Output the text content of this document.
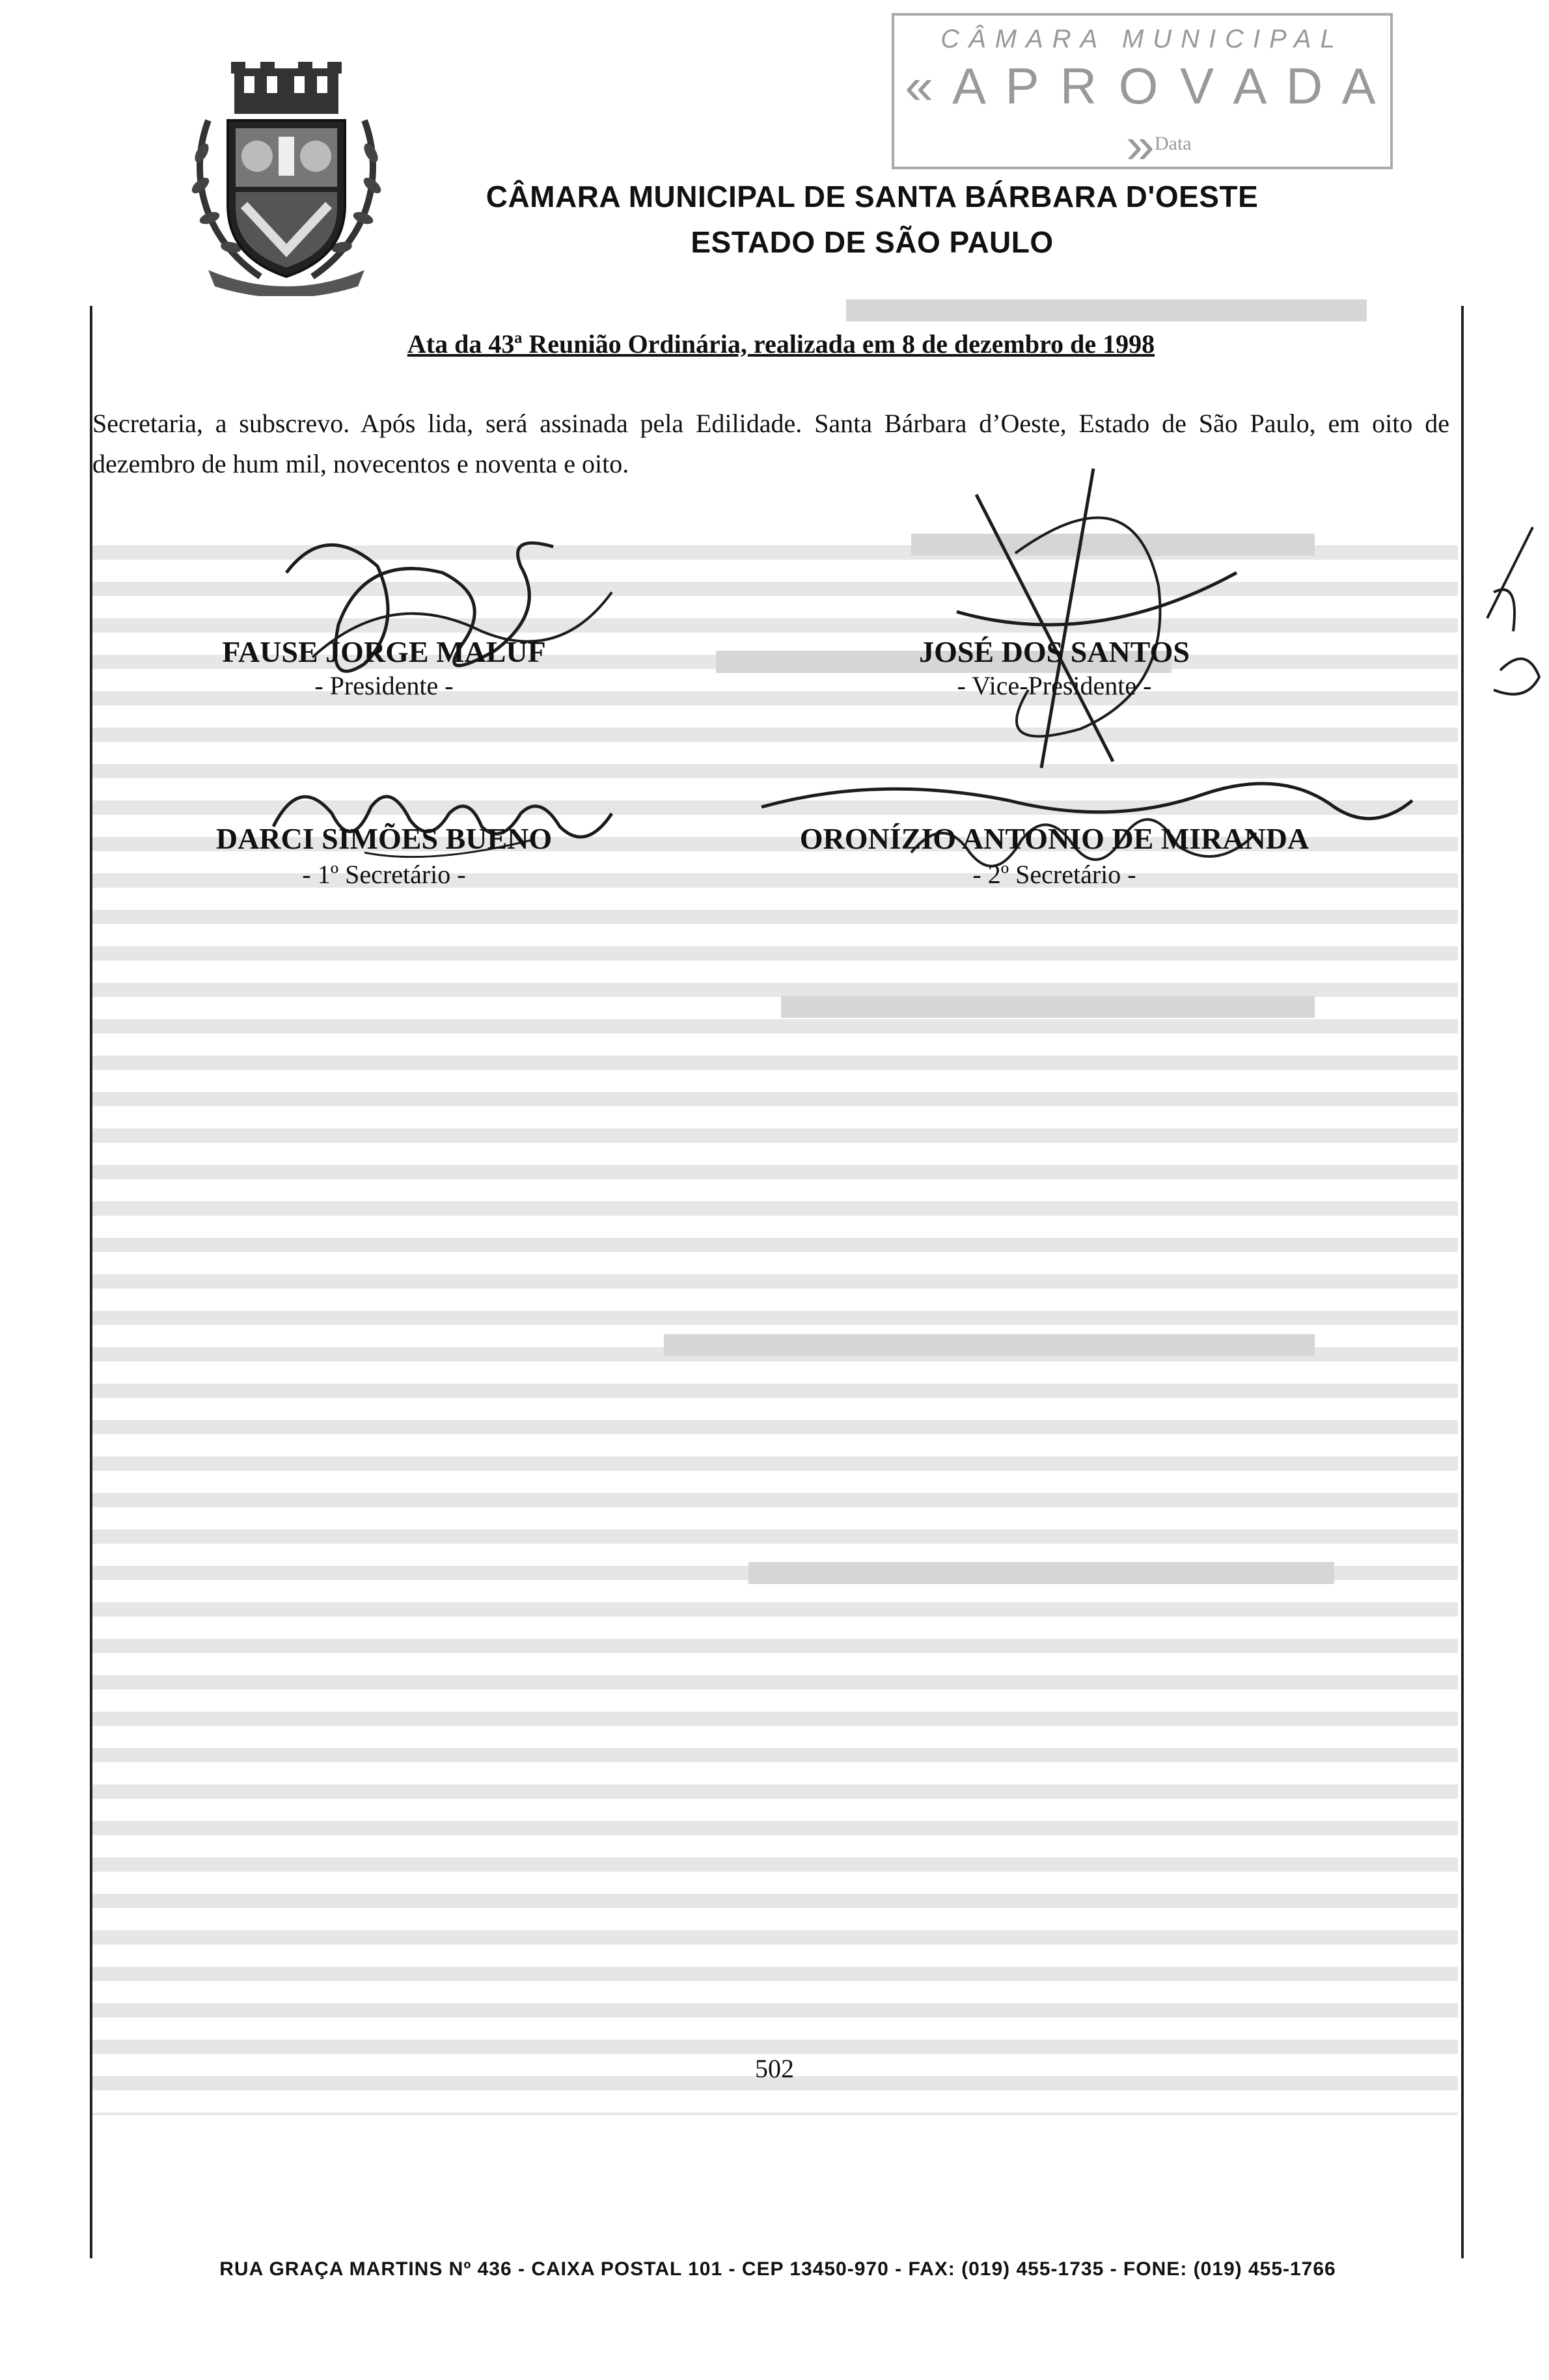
CÂMARA MUNICIPAL
« A P R O V A D A »
Data
CÂMARA MUNICIPAL DE SANTA BÁRBARA D'OESTE
ESTADO DE SÃO PAULO
Ata da 43ª Reunião Ordinária, realizada em 8 de dezembro de 1998
Secretaria, a subscrevo. Após lida, será assinada pela Edilidade. Santa Bárbara d’Oeste, Estado de São Paulo, em oito de dezembro de hum mil, novecentos e noventa e oito.
FAUSE JORGE MALUF
- Presidente -
JOSÉ DOS SANTOS
- Vice-Presidente -
DARCI SIMÕES BUENO
- 1º Secretário -
ORONÍZIO ANTONIO DE MIRANDA
- 2º Secretário -
502
RUA GRAÇA MARTINS Nº 436 - CAIXA POSTAL 101 - CEP 13450-970 - FAX: (019) 455-1735 - FONE: (019) 455-1766
